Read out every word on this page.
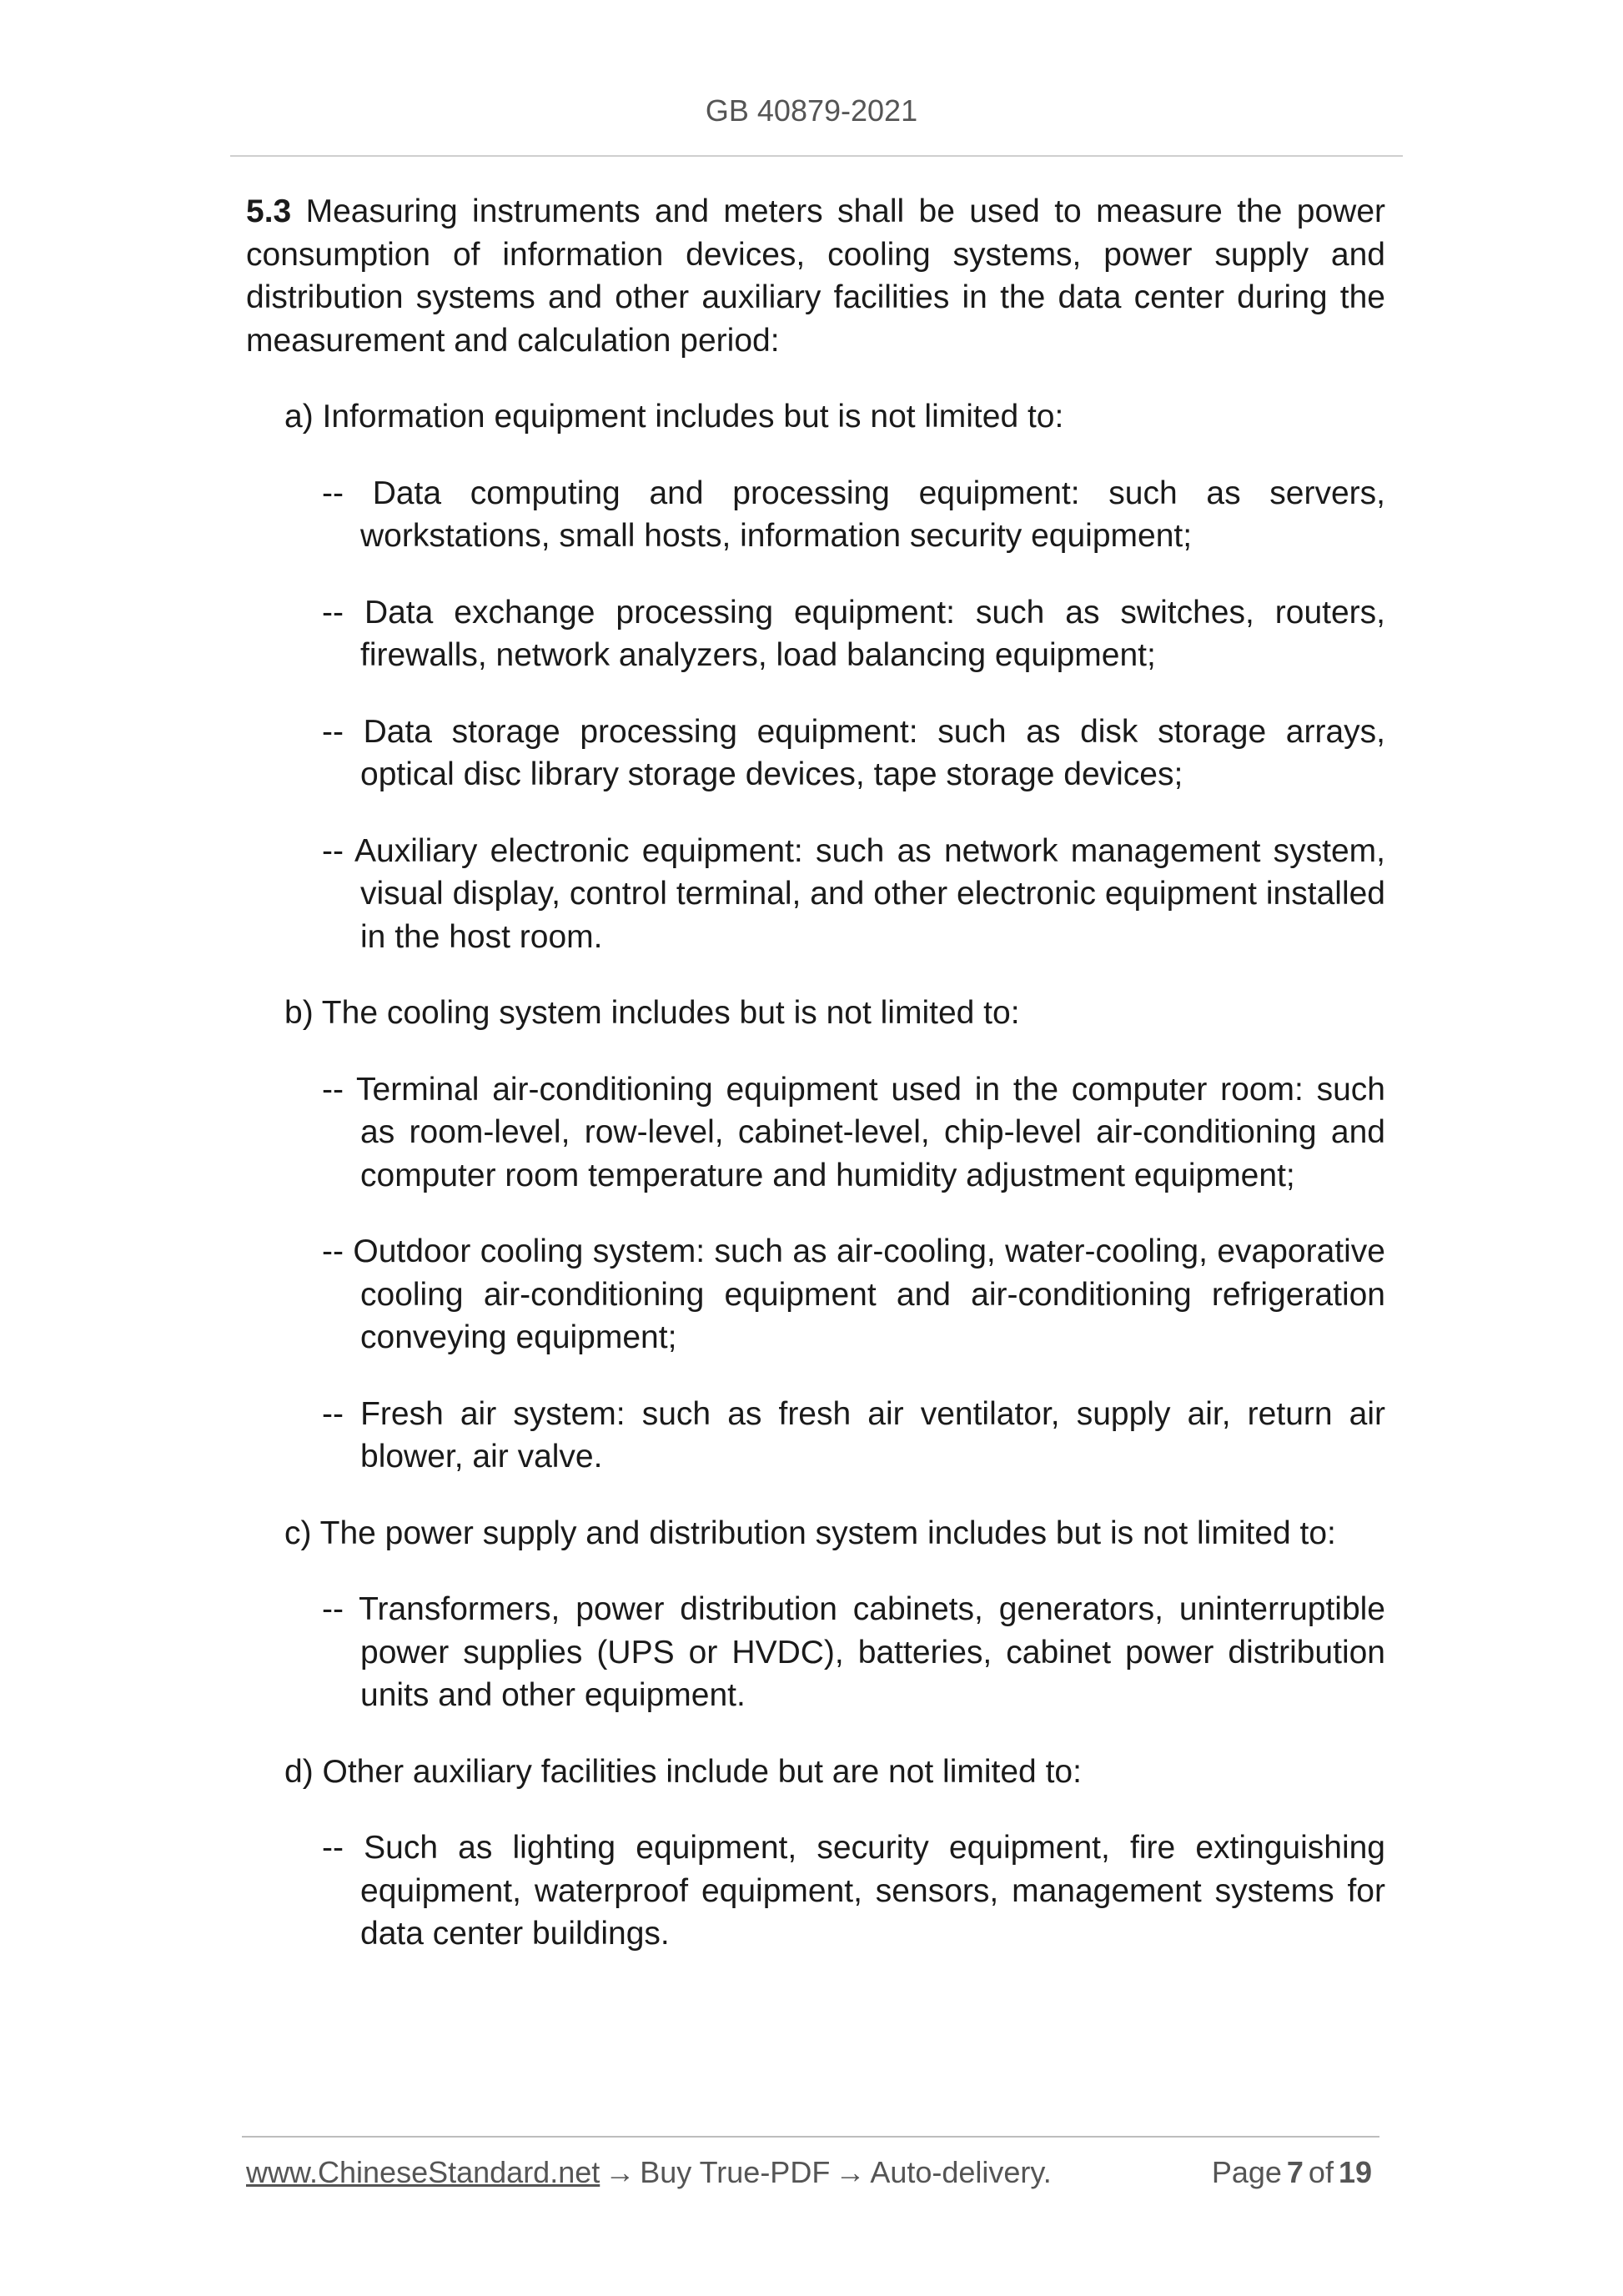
GB 40879-2021

5.3 Measuring instruments and meters shall be used to measure the power consumption of information devices, cooling systems, power supply and distribution systems and other auxiliary facilities in the data center during the measurement and calculation period:

a) Information equipment includes but is not limited to:
-- Data computing and processing equipment: such as servers, workstations, small hosts, information security equipment;
-- Data exchange processing equipment: such as switches, routers, firewalls, network analyzers, load balancing equipment;
-- Data storage processing equipment: such as disk storage arrays, optical disc library storage devices, tape storage devices;
-- Auxiliary electronic equipment: such as network management system, visual display, control terminal, and other electronic equipment installed in the host room.
b) The cooling system includes but is not limited to:
-- Terminal air-conditioning equipment used in the computer room: such as room-level, row-level, cabinet-level, chip-level air-conditioning and computer room temperature and humidity adjustment equipment;
-- Outdoor cooling system: such as air-cooling, water-cooling, evaporative cooling air-conditioning equipment and air-conditioning refrigeration conveying equipment;
-- Fresh air system: such as fresh air ventilator, supply air, return air blower, air valve.
c) The power supply and distribution system includes but is not limited to:
-- Transformers, power distribution cabinets, generators, uninterruptible power supplies (UPS or HVDC), batteries, cabinet power distribution units and other equipment.
d) Other auxiliary facilities include but are not limited to:
-- Such as lighting equipment, security equipment, fire extinguishing equipment, waterproof equipment, sensors, management systems for data center buildings.
www.ChineseStandard.net → Buy True-PDF → Auto-delivery.	Page 7 of 19
